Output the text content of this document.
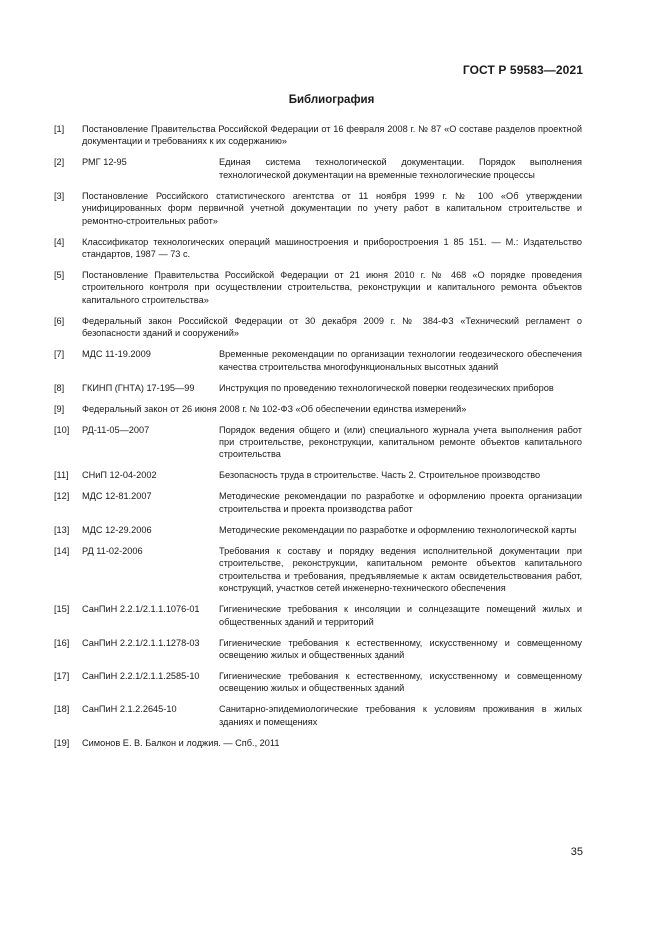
ГОСТ Р 59583—2021
Библиография
[1]	Постановление Правительства Российской Федерации от 16 февраля 2008 г. № 87 «О составе разделов проектной документации и требованиях к их содержанию»
[2]	РМГ 12-95	Единая система технологической документации. Порядок выполнения технологической документации на временные технологические процессы
[3]	Постановление Российского статистического агентства от 11 ноября 1999 г. № 100 «Об утверждении унифицированных форм первичной учетной документации по учету работ в капитальном строительстве и ремонтно-строительных работ»
[4]	Классификатор технологических операций машиностроения и приборостроения 1 85 151. — М.: Издательство стандартов, 1987 — 73 с.
[5]	Постановление Правительства Российской Федерации от 21 июня 2010 г. № 468 «О порядке проведения строительного контроля при осуществлении строительства, реконструкции и капитального ремонта объектов капитального строительства»
[6]	Федеральный закон Российской Федерации от 30 декабря 2009 г. № 384-ФЗ «Технический регламент о безопасности зданий и сооружений»
[7]	МДС 11-19.2009	Временные рекомендации по организации технологии геодезического обеспечения качества строительства многофункциональных высотных зданий
[8]	ГКИНП (ГНТА) 17-195—99	Инструкция по проведению технологической поверки геодезических приборов
[9]	Федеральный закон от 26 июня 2008 г. № 102-ФЗ «Об обеспечении единства измерений»
[10]	РД-11-05—2007	Порядок ведения общего и (или) специального журнала учета выполнения работ при строительстве, реконструкции, капитальном ремонте объектов капитального строительства
[11]	СНиП 12-04-2002	Безопасность труда в строительстве. Часть 2. Строительное производство
[12]	МДС 12-81.2007	Методические рекомендации по разработке и оформлению проекта организации строительства и проекта производства работ
[13]	МДС 12-29.2006	Методические рекомендации по разработке и оформлению технологической карты
[14]	РД 11-02-2006	Требования к составу и порядку ведения исполнительной документации при строительстве, реконструкции, капитальном ремонте объектов капитального строительства и требования, предъявляемые к актам освидетельствования работ, конструкций, участков сетей инженерно-технического обеспечения
[15]	СанПиН 2.2.1/2.1.1.1076-01	Гигиенические требования к инсоляции и солнцезащите помещений жилых и общественных зданий и территорий
[16]	СанПиН 2.2.1/2.1.1.1278-03	Гигиенические требования к естественному, искусственному и совмещенному освещению жилых и общественных зданий
[17]	СанПиН 2.2.1/2.1.1.2585-10	Гигиенические требования к естественному, искусственному и совмещенному освещению жилых и общественных зданий
[18]	СанПиН 2.1.2.2645-10	Санитарно-эпидемиологические требования к условиям проживания в жилых зданиях и помещениях
[19]	Симонов Е. В. Балкон и лоджия. — Спб., 2011
35
